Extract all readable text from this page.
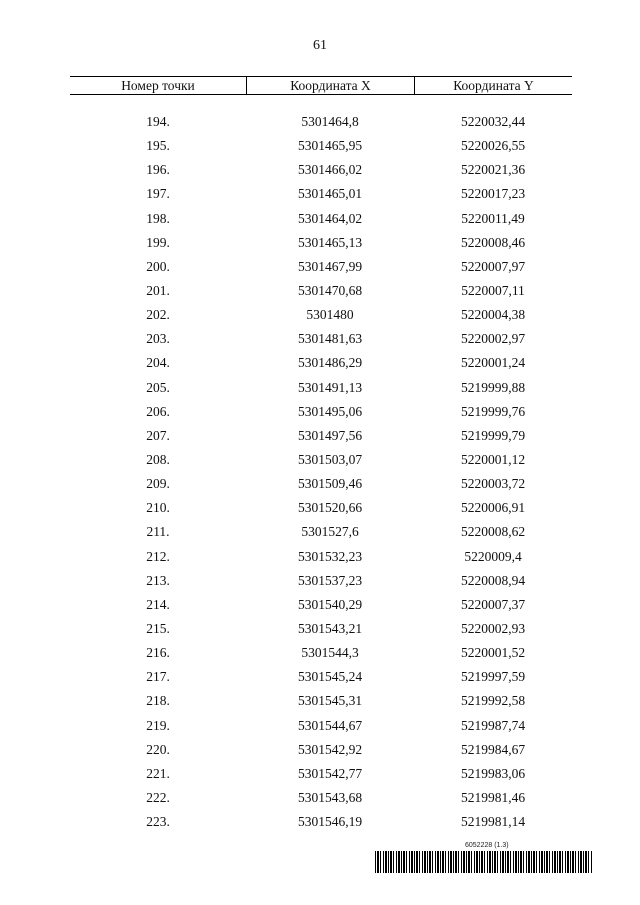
61
Номер точки	Координата X	Координата Y
194.	5301464,8	5220032,44
195.	5301465,95	5220026,55
196.	5301466,02	5220021,36
197.	5301465,01	5220017,23
198.	5301464,02	5220011,49
199.	5301465,13	5220008,46
200.	5301467,99	5220007,97
201.	5301470,68	5220007,11
202.	5301480	5220004,38
203.	5301481,63	5220002,97
204.	5301486,29	5220001,24
205.	5301491,13	5219999,88
206.	5301495,06	5219999,76
207.	5301497,56	5219999,79
208.	5301503,07	5220001,12
209.	5301509,46	5220003,72
210.	5301520,66	5220006,91
211.	5301527,6	5220008,62
212.	5301532,23	5220009,4
213.	5301537,23	5220008,94
214.	5301540,29	5220007,37
215.	5301543,21	5220002,93
216.	5301544,3	5220001,52
217.	5301545,24	5219997,59
218.	5301545,31	5219992,58
219.	5301544,67	5219987,74
220.	5301542,92	5219984,67
221.	5301542,77	5219983,06
222.	5301543,68	5219981,46
223.	5301546,19	5219981,14
6052228 (1.3)
